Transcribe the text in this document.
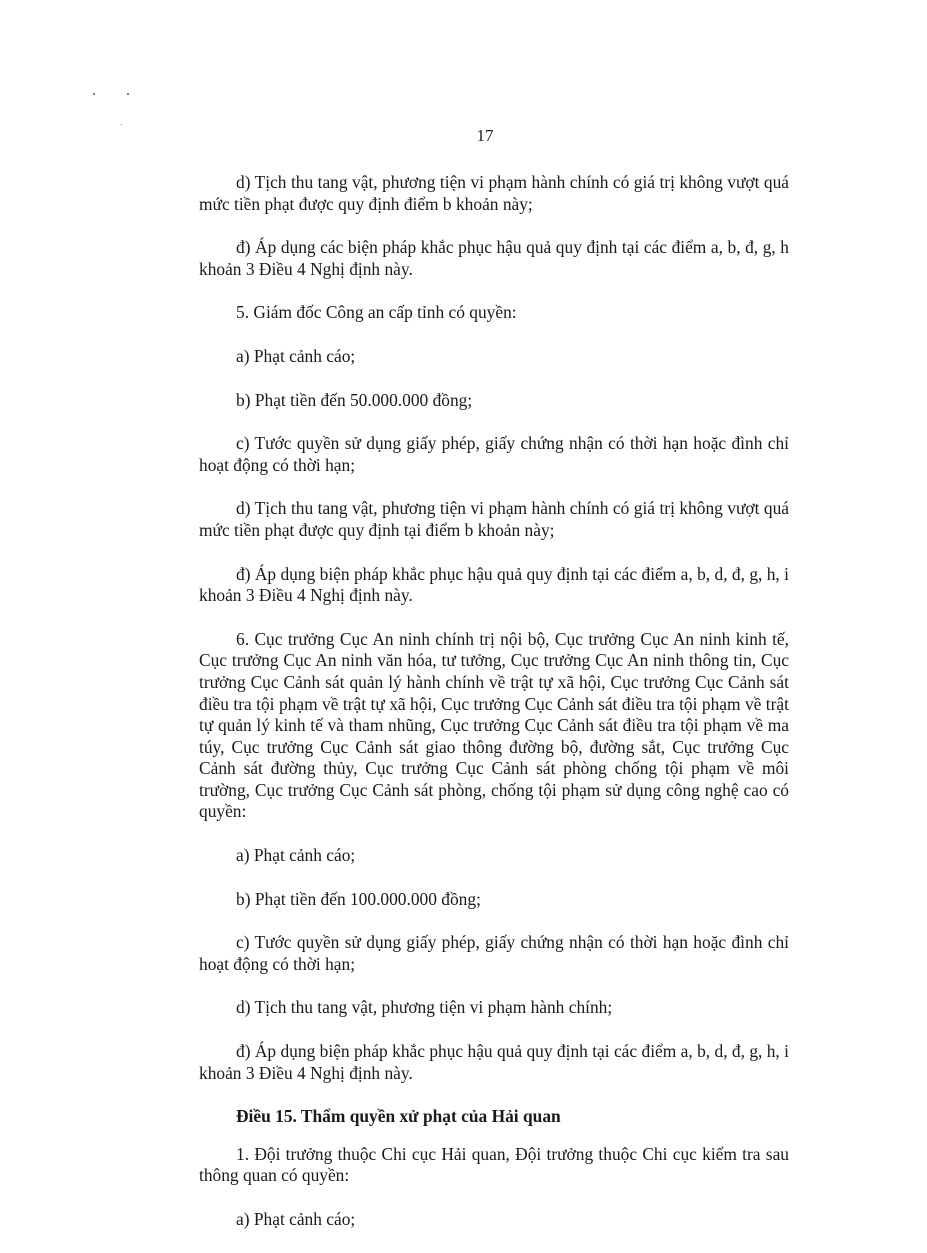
17

d) Tịch thu tang vật, phương tiện vi phạm hành chính có giá trị không vượt quá mức tiền phạt được quy định điểm b khoản này;

đ) Áp dụng các biện pháp khắc phục hậu quả quy định tại các điểm a, b, đ, g, h khoản 3 Điều 4 Nghị định này.

5. Giám đốc Công an cấp tỉnh có quyền:

a) Phạt cảnh cáo;

b) Phạt tiền đến 50.000.000 đồng;

c) Tước quyền sử dụng giấy phép, giấy chứng nhận có thời hạn hoặc đình chỉ hoạt động có thời hạn;

d) Tịch thu tang vật, phương tiện vi phạm hành chính có giá trị không vượt quá mức tiền phạt được quy định tại điểm b khoản này;

đ) Áp dụng biện pháp khắc phục hậu quả quy định tại các điểm a, b, d, đ, g, h, i khoản 3 Điều 4 Nghị định này.

6. Cục trưởng Cục An ninh chính trị nội bộ, Cục trưởng Cục An ninh kinh tế, Cục trưởng Cục An ninh văn hóa, tư tưởng, Cục trưởng Cục An ninh thông tin, Cục trưởng Cục Cảnh sát quản lý hành chính về trật tự xã hội, Cục trưởng Cục Cảnh sát điều tra tội phạm về trật tự xã hội, Cục trưởng Cục Cảnh sát điều tra tội phạm về trật tự quản lý kinh tế và tham nhũng, Cục trưởng Cục Cảnh sát điều tra tội phạm về ma túy, Cục trưởng Cục Cảnh sát giao thông đường bộ, đường sắt, Cục trưởng Cục Cảnh sát đường thủy, Cục trưởng Cục Cảnh sát phòng chống tội phạm về môi trường, Cục trưởng Cục Cảnh sát phòng, chống tội phạm sử dụng công nghệ cao có quyền:

a) Phạt cảnh cáo;

b) Phạt tiền đến 100.000.000 đồng;

c) Tước quyền sử dụng giấy phép, giấy chứng nhận có thời hạn hoặc đình chỉ hoạt động có thời hạn;

d) Tịch thu tang vật, phương tiện vi phạm hành chính;

đ) Áp dụng biện pháp khắc phục hậu quả quy định tại các điểm a, b, d, đ, g, h, i khoản 3 Điều 4 Nghị định này.

Điều 15. Thẩm quyền xử phạt của Hải quan

1. Đội trưởng thuộc Chi cục Hải quan, Đội trưởng thuộc Chi cục kiểm tra sau thông quan có quyền:

a) Phạt cảnh cáo;
